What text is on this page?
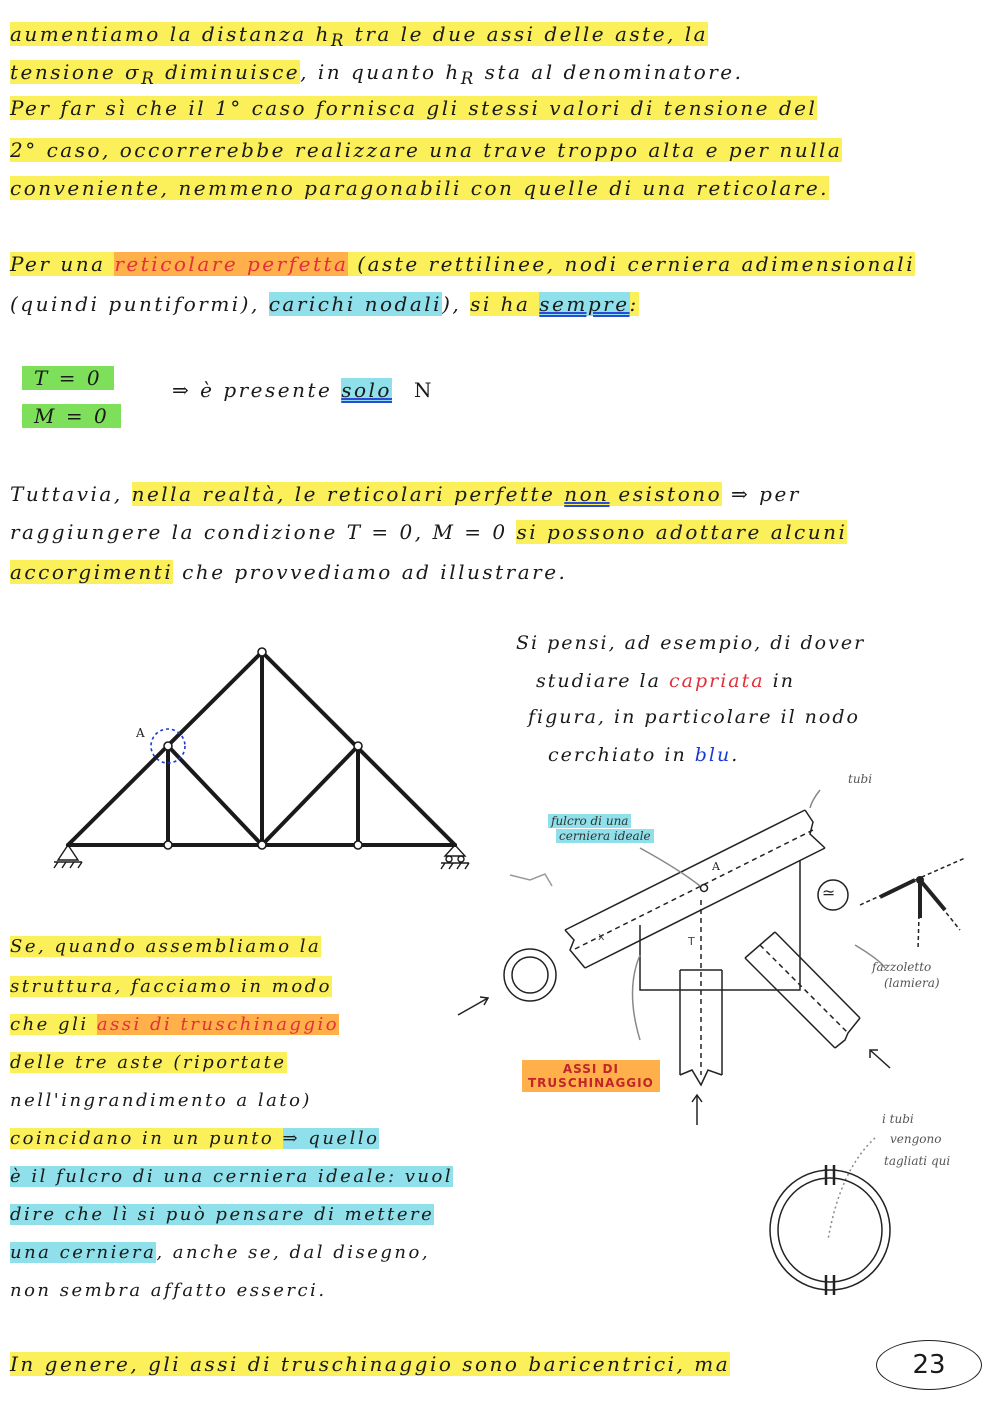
aumentiamo la distanza $h_R$ tra le due assi delle aste, la
tensione $\sigma_R$ diminuisce, in quanto $h_R$ sta al denominatore.
Per far sì che il 1° caso fornisca gli stessi valori di tensione del
2° caso, occorrerebbe realizzare una trave troppo alta e per nulla
conveniente, nemmeno paragonabili con quelle di una reticolare.
Per una reticolare perfetta (aste rettilinee, nodi cerniera adimensionali
(quindi puntiformi), carichi nodali), si ha sempre:
T = 0
M = 0
⇒ è presente solo N
Tuttavia, nella realtà, le reticolari perfette non esistono ⇒ per
raggiungere la condizione T = 0, M = 0 si possono adottare alcuni
accorgimenti che provvediamo ad illustrare.
A
Si pensi, ad esempio, di dover
studiare la capriata in
figura, in particolare il nodo
cerchiato in blu.
x	T
tubi
fulcro di una
cerniera ideale
≃
A
fazzoletto
(lamiera)
ASSI DI
TRUSCHINAGGIO
i tubi
vengono
tagliati qui
Se, quando assembliamo la
struttura, facciamo in modo
che gli assi di truschinaggio
delle tre aste (riportate
nell'ingrandimento a lato)
coincidano in un punto ⇒ quello
è il fulcro di una cerniera ideale: vuol
dire che lì si può pensare di mettere
una cerniera, anche se, dal disegno,
non sembra affatto esserci.
In genere, gli assi di truschinaggio sono baricentrici, ma	23
